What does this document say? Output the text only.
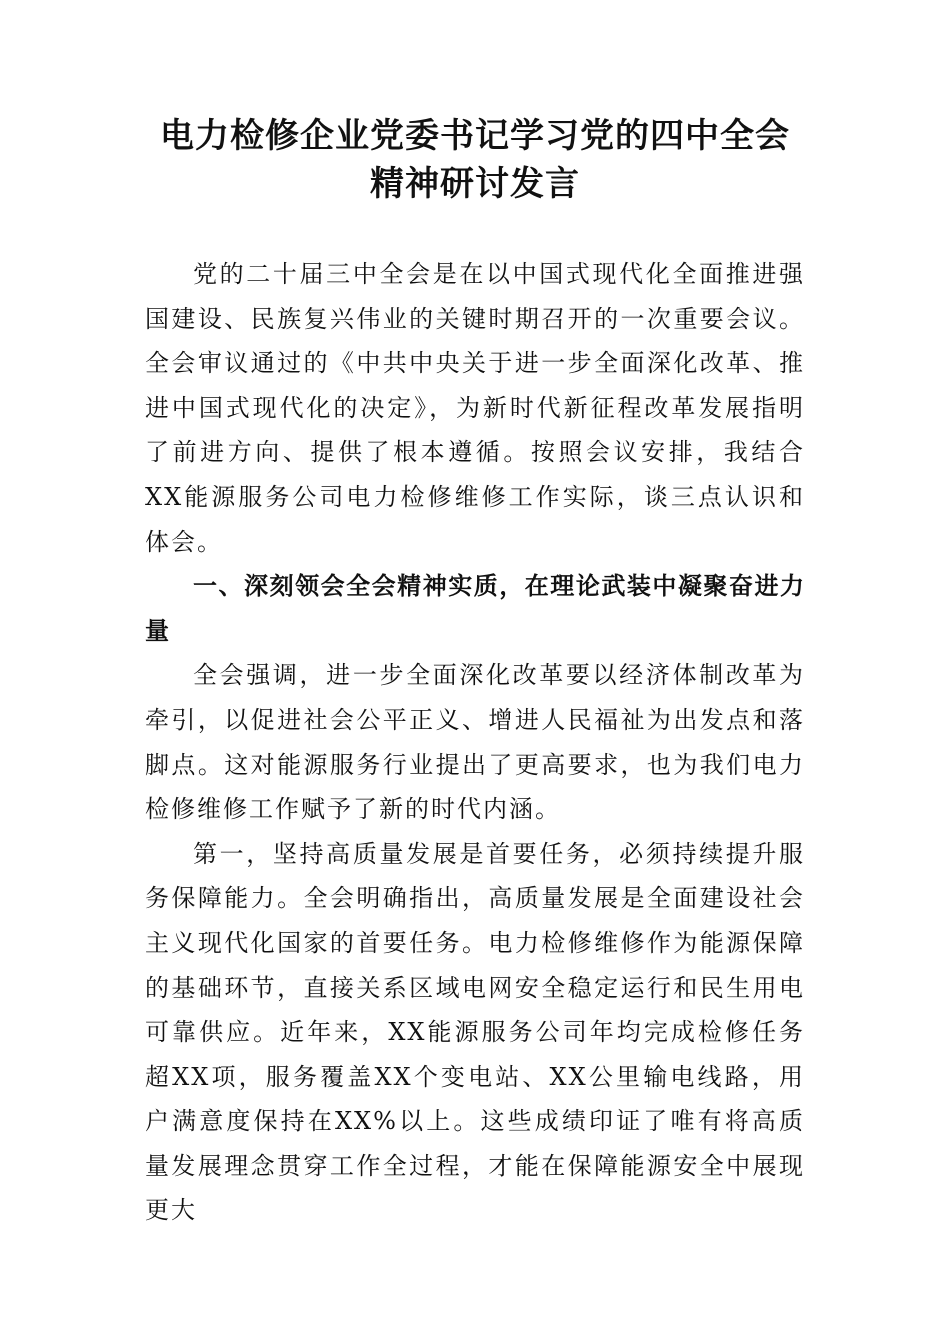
电力检修企业党委书记学习党的四中全会
精神研讨发言

党的二十届三中全会是在以中国式现代化全面推进强国建设、民族复兴伟业的关键时期召开的一次重要会议。全会审议通过的《中共中央关于进一步全面深化改革、推进中国式现代化的决定》，为新时代新征程改革发展指明了前进方向、提供了根本遵循。按照会议安排，我结合XX能源服务公司电力检修维修工作实际，谈三点认识和体会。

一、深刻领会全会精神实质，在理论武装中凝聚奋进力量

全会强调，进一步全面深化改革要以经济体制改革为牵引，以促进社会公平正义、增进人民福祉为出发点和落脚点。这对能源服务行业提出了更高要求，也为我们电力检修维修工作赋予了新的时代内涵。

第一，坚持高质量发展是首要任务，必须持续提升服务保障能力。全会明确指出，高质量发展是全面建设社会主义现代化国家的首要任务。电力检修维修作为能源保障的基础环节，直接关系区域电网安全稳定运行和民生用电可靠供应。近年来，XX能源服务公司年均完成检修任务超XX项，服务覆盖XX个变电站、XX公里输电线路，用户满意度保持在XX%以上。这些成绩印证了唯有将高质量发展理念贯穿工作全过程，才能在保障能源安全中展现更大
